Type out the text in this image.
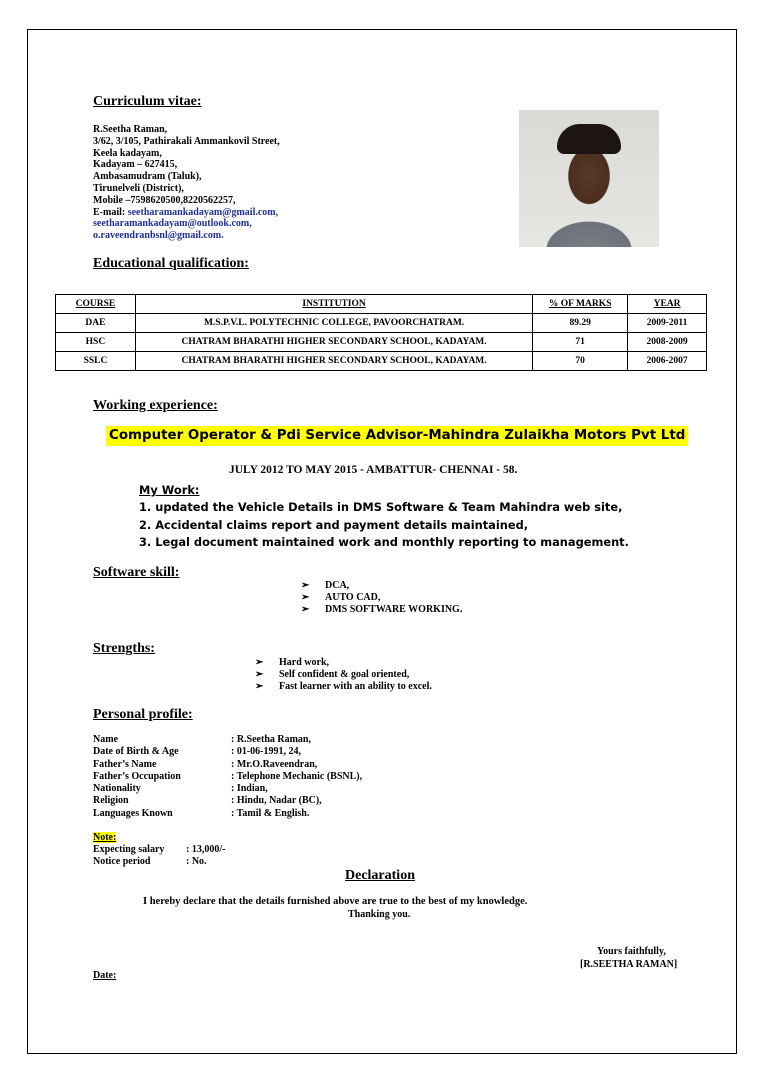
Curriculum vitae:
R.Seetha Raman,
3/62, 3/105, Pathirakali Ammankovil Street,
Keela kadayam,
Kadayam – 627415,
Ambasamudram (Taluk),
Tirunelveli (District),
Mobile –7598620500,8220562257,
E-mail: seetharamankadayam@gmail.com,
seetharamankadayam@outlook.com,
o.raveendranbsnl@gmail.com.
Educational qualification:
COURSE	INSTITUTION	% OF MARKS	YEAR
DAE	M.S.P.V.L. POLYTECHNIC COLLEGE, PAVOORCHATRAM.	89.29	2009-2011
HSC	CHATRAM BHARATHI HIGHER SECONDARY SCHOOL, KADAYAM.	71	2008-2009
SSLC	CHATRAM BHARATHI HIGHER SECONDARY SCHOOL, KADAYAM.	70	2006-2007
Working experience:
Computer Operator & Pdi Service Advisor-Mahindra Zulaikha Motors Pvt Ltd
JULY 2012 TO MAY 2015 - AMBATTUR- CHENNAI - 58.
My Work:
1. updated the Vehicle Details in DMS Software & Team Mahindra web site,
2. Accidental claims report and payment details maintained,
3. Legal document maintained work and monthly reporting to management.
Software skill:
➢ DCA,
➢ AUTO CAD,
➢ DMS SOFTWARE WORKING.
Strengths:
➢ Hard work,
➢ Self confident & goal oriented,
➢ Fast learner with an ability to excel.
Personal profile:
Name	: R.Seetha Raman,
Date of Birth & Age	: 01-06-1991, 24,
Father’s Name	: Mr.O.Raveendran,
Father’s Occupation	: Telephone Mechanic (BSNL),
Nationality	: Indian,
Religion	: Hindu, Nadar (BC),
Languages Known	: Tamil & English.
Note:
Expecting salary : 13,000/-
Notice period	: No.
Declaration
I hereby declare that the details furnished above are true to the best of my knowledge.
Thanking you.
Yours faithfully,
[R.SEETHA RAMAN]
Date:
